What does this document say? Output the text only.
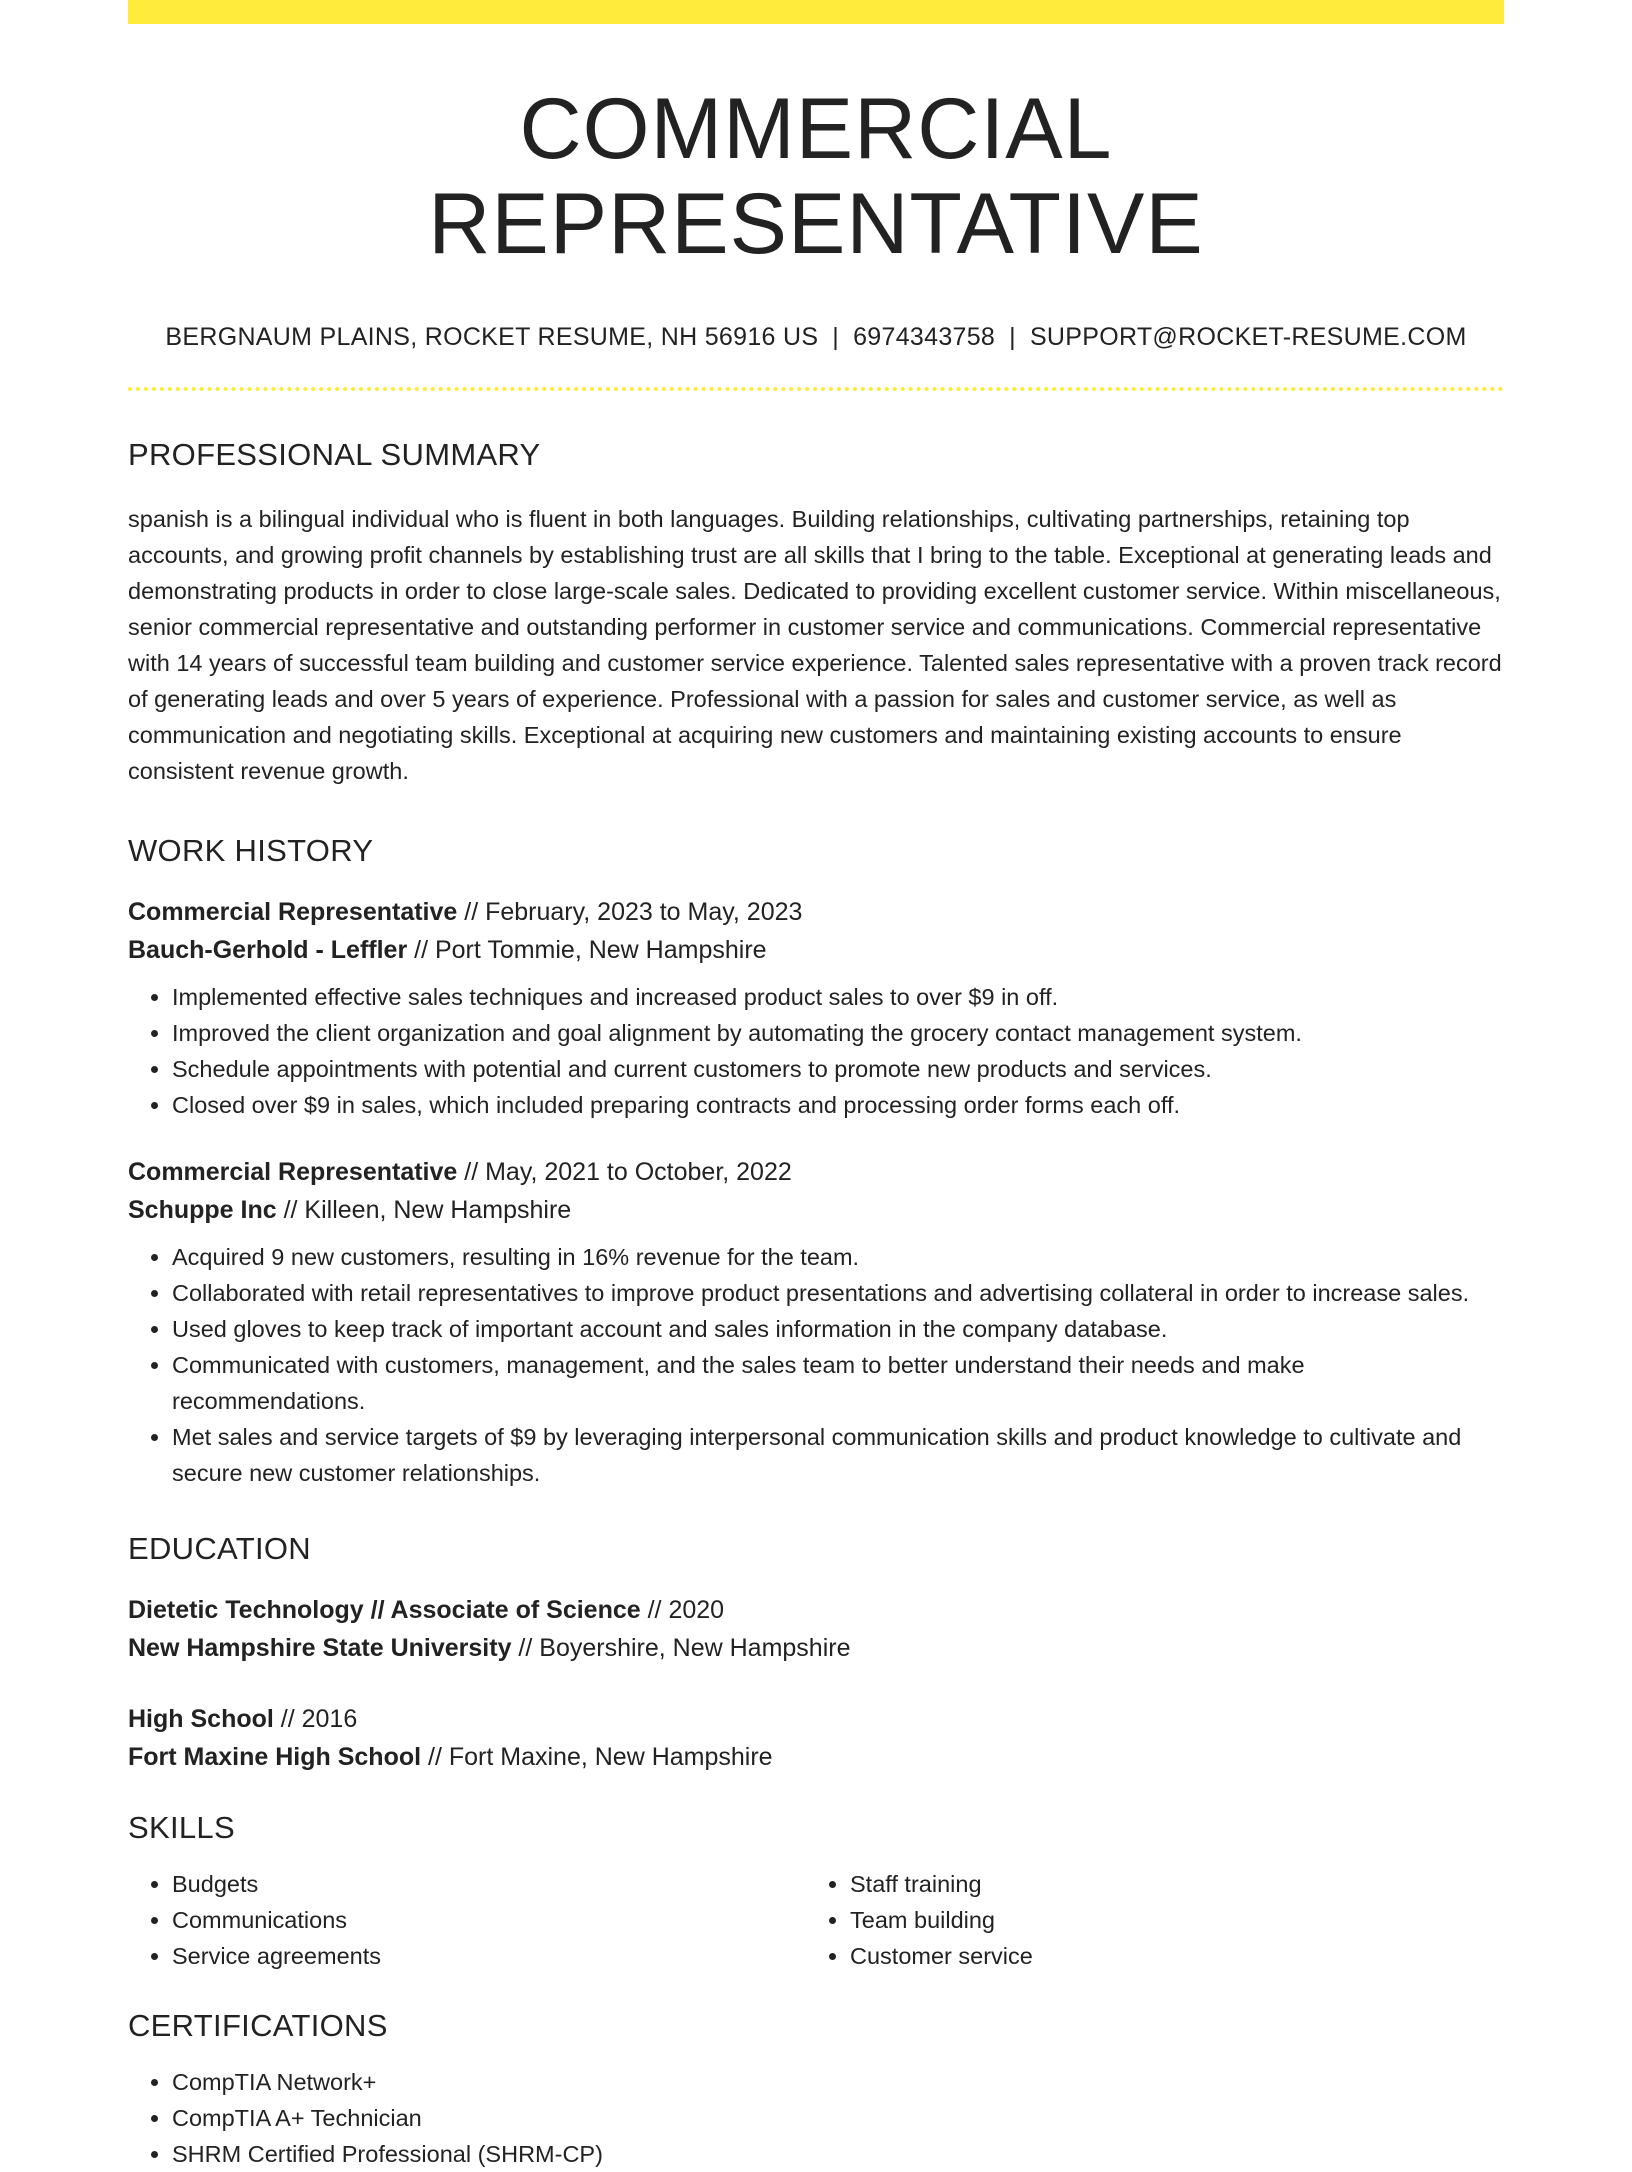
COMMERCIAL REPRESENTATIVE
BERGNAUM PLAINS, ROCKET RESUME, NH 56916 US | 6974343758 | SUPPORT@ROCKET-RESUME.COM
PROFESSIONAL SUMMARY

spanish is a bilingual individual who is fluent in both languages. Building relationships, cultivating partnerships, retaining top accounts, and growing profit channels by establishing trust are all skills that I bring to the table. Exceptional at generating leads and demonstrating products in order to close large-scale sales. Dedicated to providing excellent customer service. Within miscellaneous, senior commercial representative and outstanding performer in customer service and communications. Commercial representative with 14 years of successful team building and customer service experience. Talented sales representative with a proven track record of generating leads and over 5 years of experience. Professional with a passion for sales and customer service, as well as communication and negotiating skills. Exceptional at acquiring new customers and maintaining existing accounts to ensure consistent revenue growth.

WORK HISTORY
Commercial Representative // February, 2023 to May, 2023
Bauch-Gerhold - Leffler // Port Tommie, New Hampshire
• Implemented effective sales techniques and increased product sales to over $9 in off.
• Improved the client organization and goal alignment by automating the grocery contact management system.
• Schedule appointments with potential and current customers to promote new products and services.
• Closed over $9 in sales, which included preparing contracts and processing order forms each off.
Commercial Representative // May, 2021 to October, 2022
Schuppe Inc // Killeen, New Hampshire
• Acquired 9 new customers, resulting in 16% revenue for the team.
• Collaborated with retail representatives to improve product presentations and advertising collateral in order to increase sales.
• Used gloves to keep track of important account and sales information in the company database.
• Communicated with customers, management, and the sales team to better understand their needs and make recommendations.
• Met sales and service targets of $9 by leveraging interpersonal communication skills and product knowledge to cultivate and secure new customer relationships.
EDUCATION
Dietetic Technology // Associate of Science // 2020
New Hampshire State University // Boyershire, New Hampshire
High School // 2016
Fort Maxine High School // Fort Maxine, New Hampshire
SKILLS
• Budgets
• Communications
• Service agreements
• Staff training
• Team building
• Customer service
CERTIFICATIONS
• CompTIA Network+
• CompTIA A+ Technician
• SHRM Certified Professional (SHRM-CP)
